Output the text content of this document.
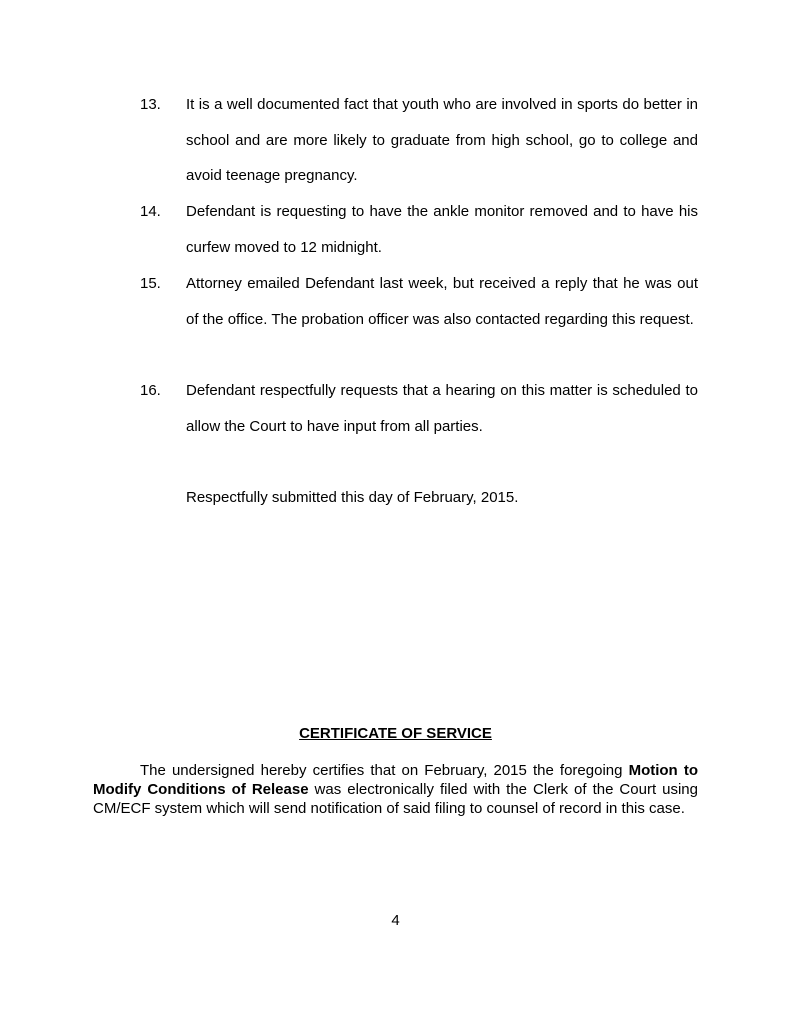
13.	It is a well documented fact that youth who are involved in sports do better in school and are more likely to graduate from high school, go to college and avoid teenage pregnancy.
14.	Defendant is requesting to have the ankle monitor removed and to have his curfew moved to 12 midnight.
15.	Attorney emailed Defendant last week, but received a reply that he was out of the office. The probation officer was also contacted regarding this request.
16.	Defendant respectfully requests that a hearing on this matter is scheduled to allow the Court to have input from all parties.
Respectfully submitted this day of February, 2015.
CERTIFICATE OF SERVICE

The undersigned hereby certifies that on February, 2015 the foregoing Motion to Modify Conditions of Release was electronically filed with the Clerk of the Court using CM/ECF system which will send notification of said filing to counsel of record in this case.

4
